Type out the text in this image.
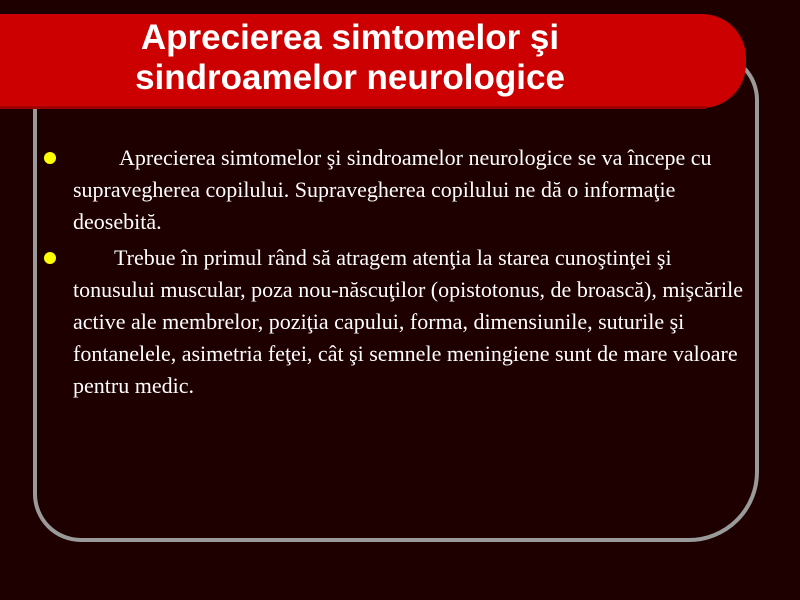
Aprecierea simtomelor şi sindroamelor neurologice
Aprecierea simtomelor şi sindroamelor neurologice se va începe cu supravegherea copilului. Supravegherea copilului ne dă o informaţie deosebită.
Trebue în primul rând să atragem atenţia la starea cunoştinţei şi tonusului muscular, poza nou-născuţilor (opistotonus, de broască), mişcările active ale membrelor, poziţia capului, forma, dimensiunile, suturile şi fontanelele, asimetria feţei, cât şi semnele meningiene sunt de mare valoare pentru medic.
